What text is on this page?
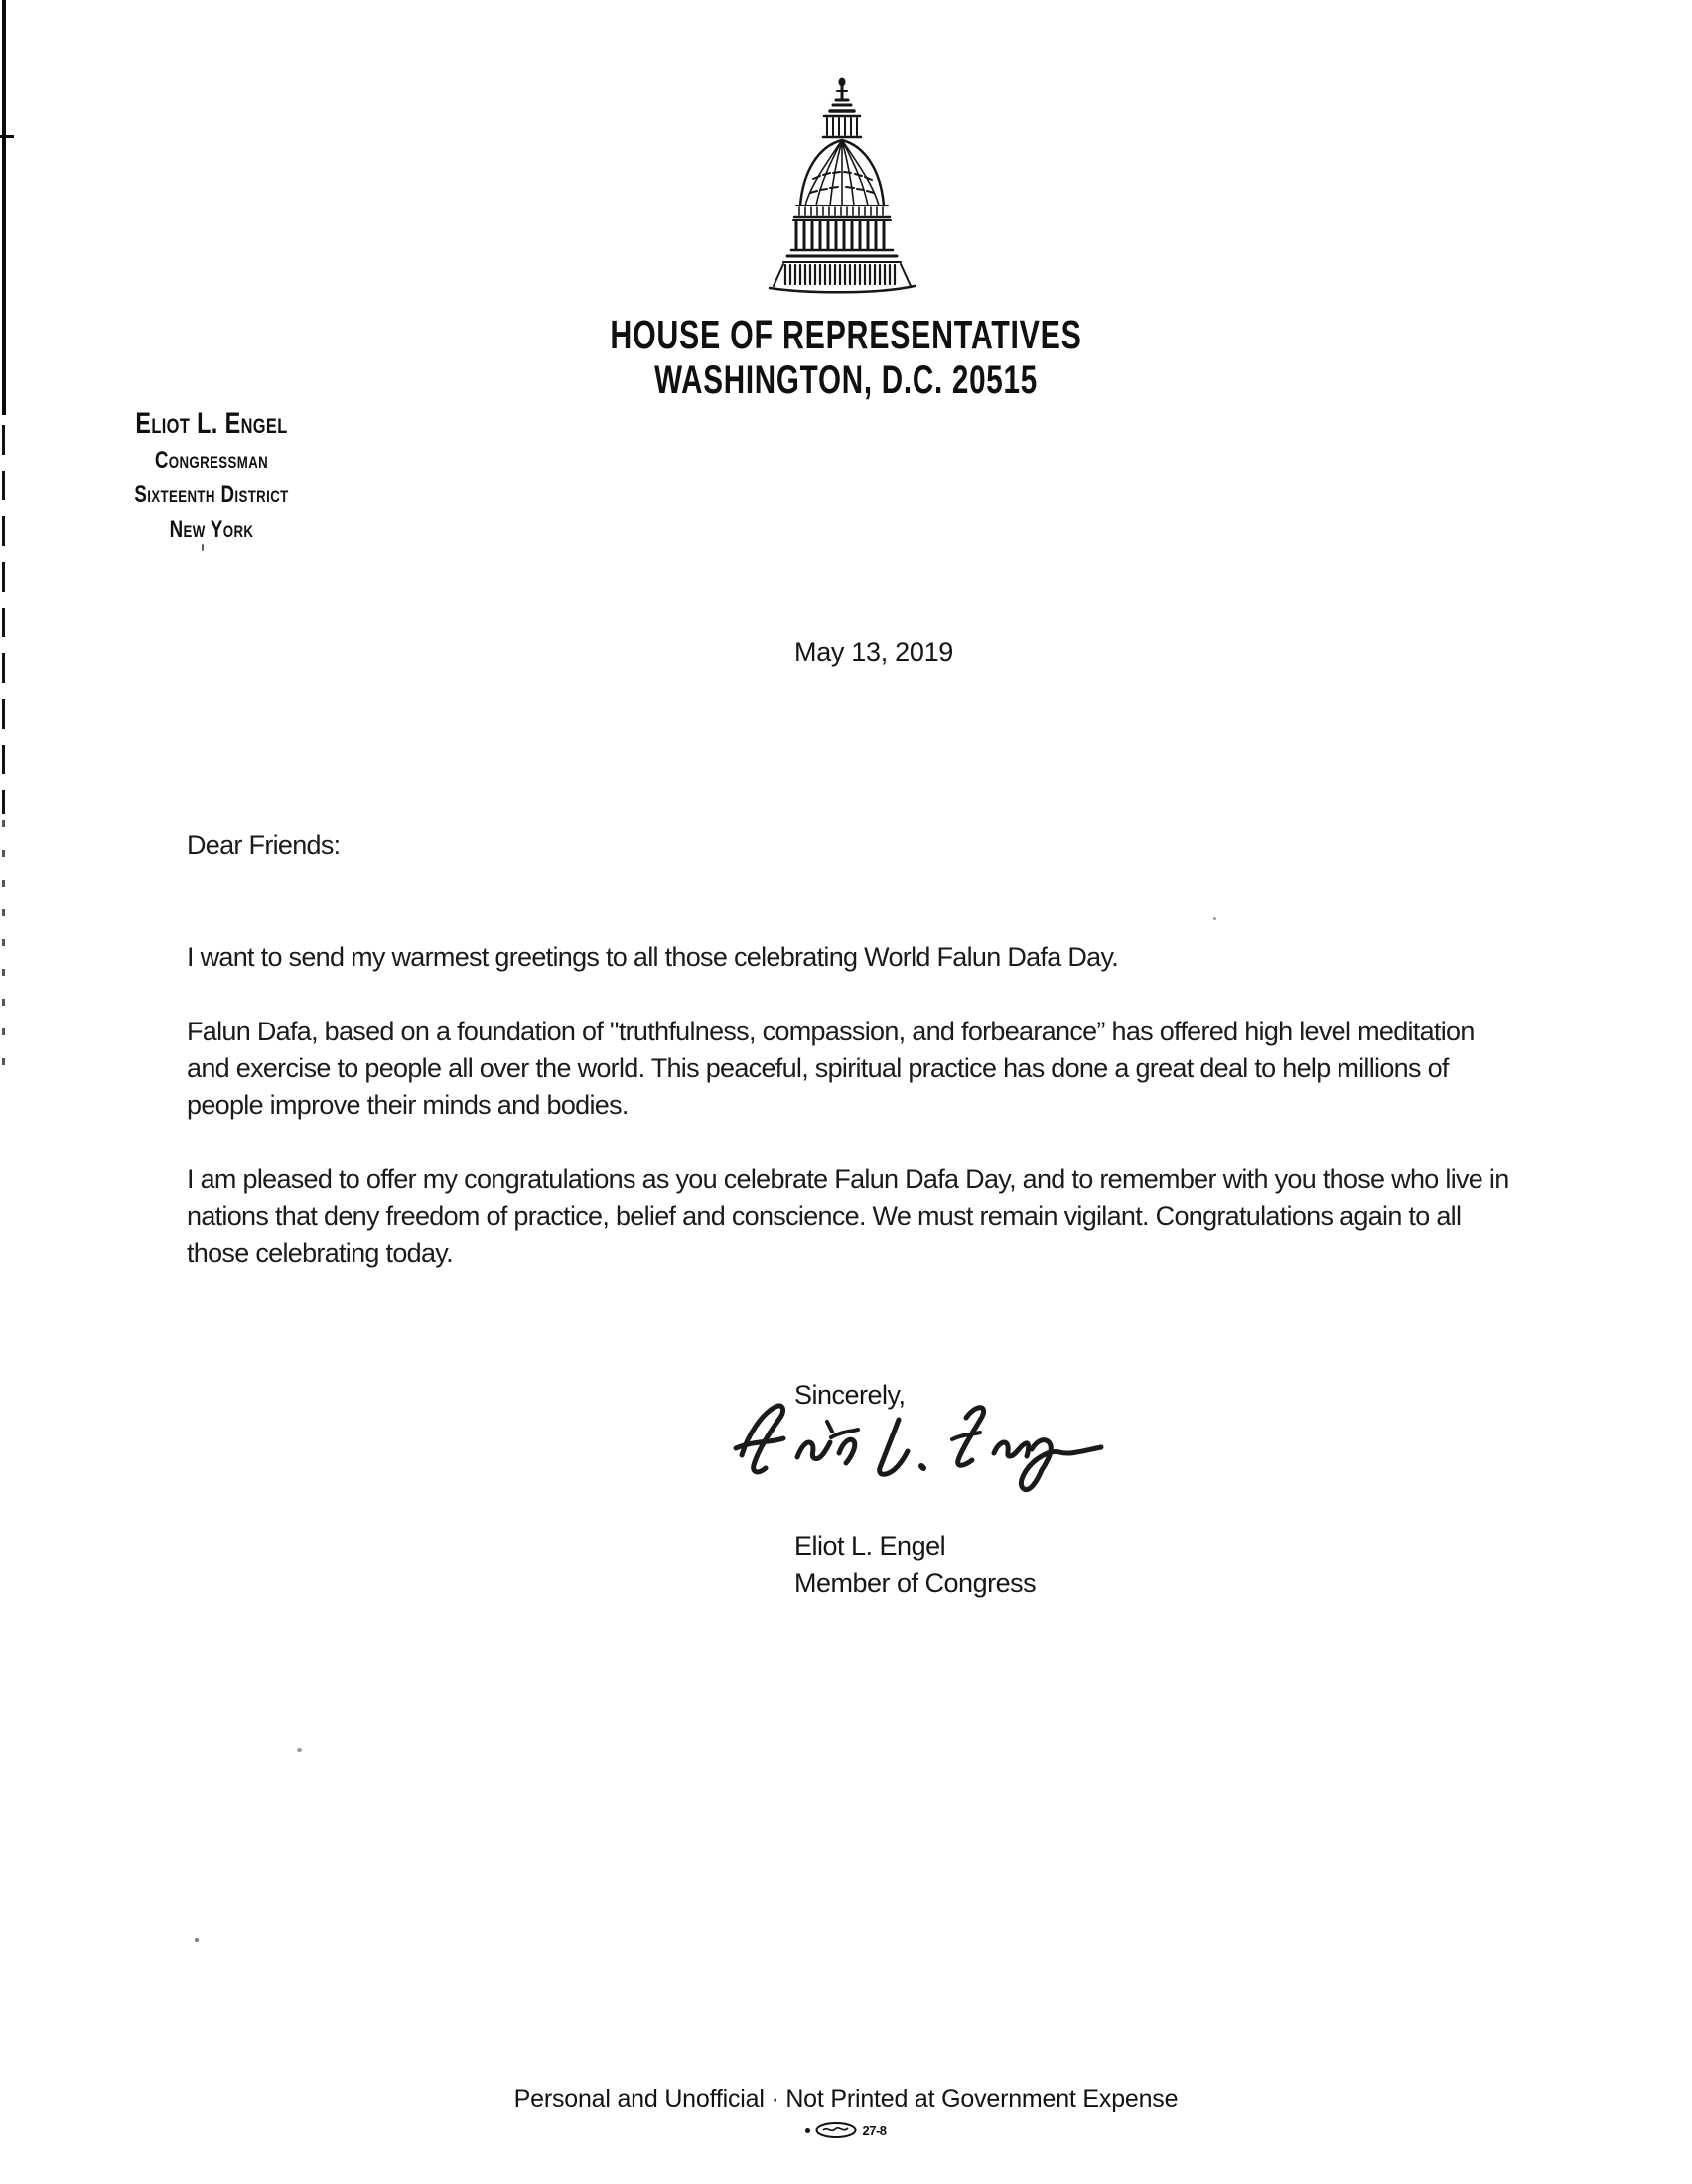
HOUSE OF REPRESENTATIVES
WASHINGTON, D.C. 20515
Eliot L. Engel
Congressman
Sixteenth District
New York
May 13, 2019

Dear Friends:

I want to send my warmest greetings to all those celebrating World Falun Dafa Day.

Falun Dafa, based on a foundation of "truthfulness, compassion, and forbearance” has offered high level meditation and exercise to people all over the world. This peaceful, spiritual practice has done a great deal to help millions of people improve their minds and bodies.

I am pleased to offer my congratulations as you celebrate Falun Dafa Day, and to remember with you those who live in nations that deny freedom of practice, belief and conscience. We must remain vigilant. Congratulations again to all those celebrating today.

Sincerely,
Eliot L. Engel
Member of Congress
Personal and Unofficial · Not Printed at Government Expense
27-8
